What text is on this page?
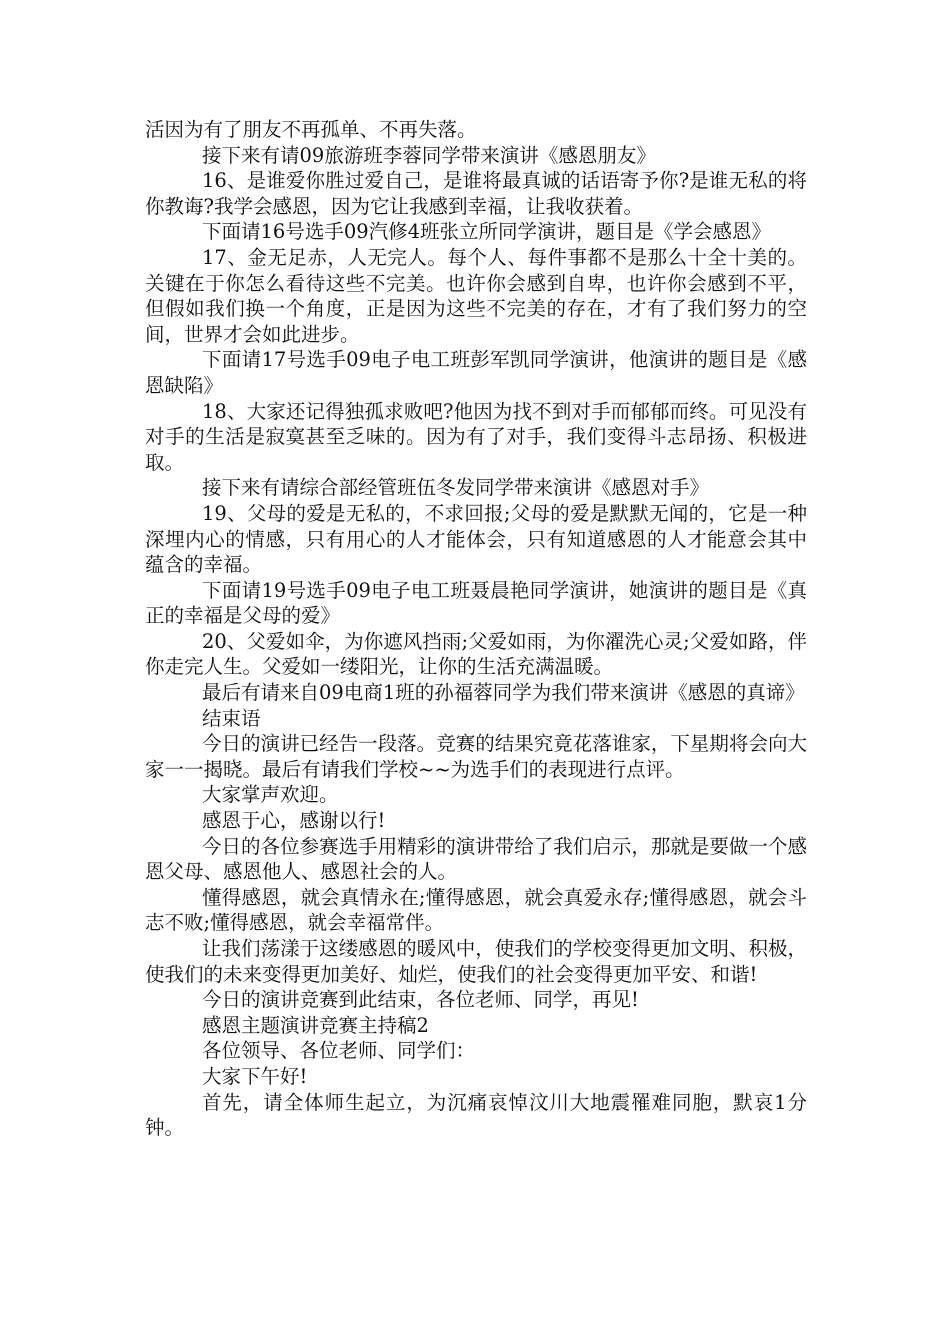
活因为有了朋友不再孤单、不再失落。

接下来有请09旅游班李蓉同学带来演讲《感恩朋友》

16、是谁爱你胜过爱自己，是谁将最真诚的话语寄予你?是谁无私的将你教诲?我学会感恩，因为它让我感到幸福，让我收获着。

下面请16号选手09汽修4班张立所同学演讲，题目是《学会感恩》

17、金无足赤，人无完人。每个人、每件事都不是那么十全十美的。关键在于你怎么看待这些不完美。也许你会感到自卑，也许你会感到不平，但假如我们换一个角度，正是因为这些不完美的存在，才有了我们努力的空间，世界才会如此进步。

下面请17号选手09电子电工班彭军凯同学演讲，他演讲的题目是《感恩缺陷》

18、大家还记得独孤求败吧?他因为找不到对手而郁郁而终。可见没有对手的生活是寂寞甚至乏味的。因为有了对手，我们变得斗志昂扬、积极进取。

接下来有请综合部经管班伍冬发同学带来演讲《感恩对手》

19、父母的爱是无私的，不求回报;父母的爱是默默无闻的，它是一种深埋内心的情感，只有用心的人才能体会，只有知道感恩的人才能意会其中蕴含的幸福。

下面请19号选手09电子电工班聂晨艳同学演讲，她演讲的题目是《真正的幸福是父母的爱》

20、父爱如伞，为你遮风挡雨;父爱如雨，为你濯洗心灵;父爱如路，伴你走完人生。父爱如一缕阳光，让你的生活充满温暖。

最后有请来自09电商1班的孙福蓉同学为我们带来演讲《感恩的真谛》

结束语

今日的演讲已经告一段落。竞赛的结果究竟花落谁家，下星期将会向大家一一揭晓。最后有请我们学校~~为选手们的表现进行点评。

大家掌声欢迎。

感恩于心，感谢以行!

今日的各位参赛选手用精彩的演讲带给了我们启示，那就是要做一个感恩父母、感恩他人、感恩社会的人。

懂得感恩，就会真情永在;懂得感恩，就会真爱永存;懂得感恩，就会斗志不败;懂得感恩，就会幸福常伴。

让我们荡漾于这缕感恩的暖风中，使我们的学校变得更加文明、积极，使我们的未来变得更加美好、灿烂，使我们的社会变得更加平安、和谐!

今日的演讲竞赛到此结束，各位老师、同学，再见!

感恩主题演讲竞赛主持稿2

各位领导、各位老师、同学们：

大家下午好!

首先，请全体师生起立，为沉痛哀悼汶川大地震罹难同胞，默哀1分钟。
